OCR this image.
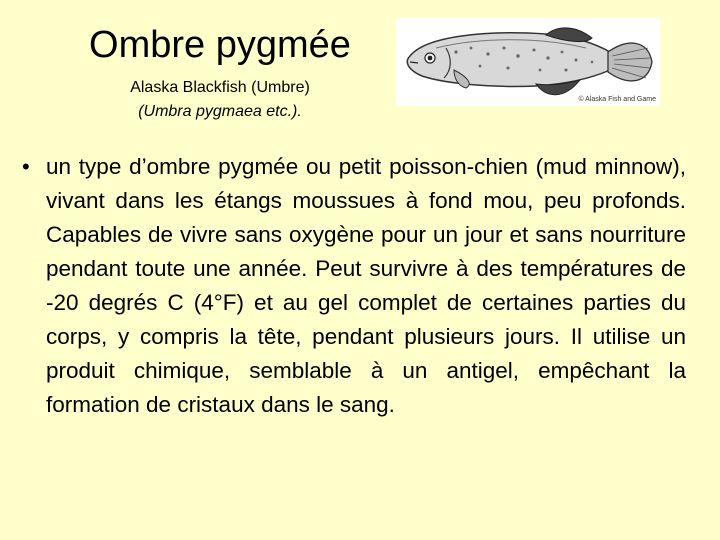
Ombre pygmée
Alaska Blackfish (Umbre)
(Umbra pygmaea etc.).
© Alaska Fish and Game
• un type d’ombre pygmée ou petit poisson-chien (mud minnow), vivant dans les étangs moussues à fond mou, peu profonds. Capables de vivre sans oxygène pour un jour et sans nourriture pendant toute une année. Peut survivre à des températures de -20 degrés C (4°F) et au gel complet de certaines parties du corps, y compris la tête, pendant plusieurs jours. Il utilise un produit chimique, semblable à un antigel, empêchant la formation de cristaux dans le sang.
